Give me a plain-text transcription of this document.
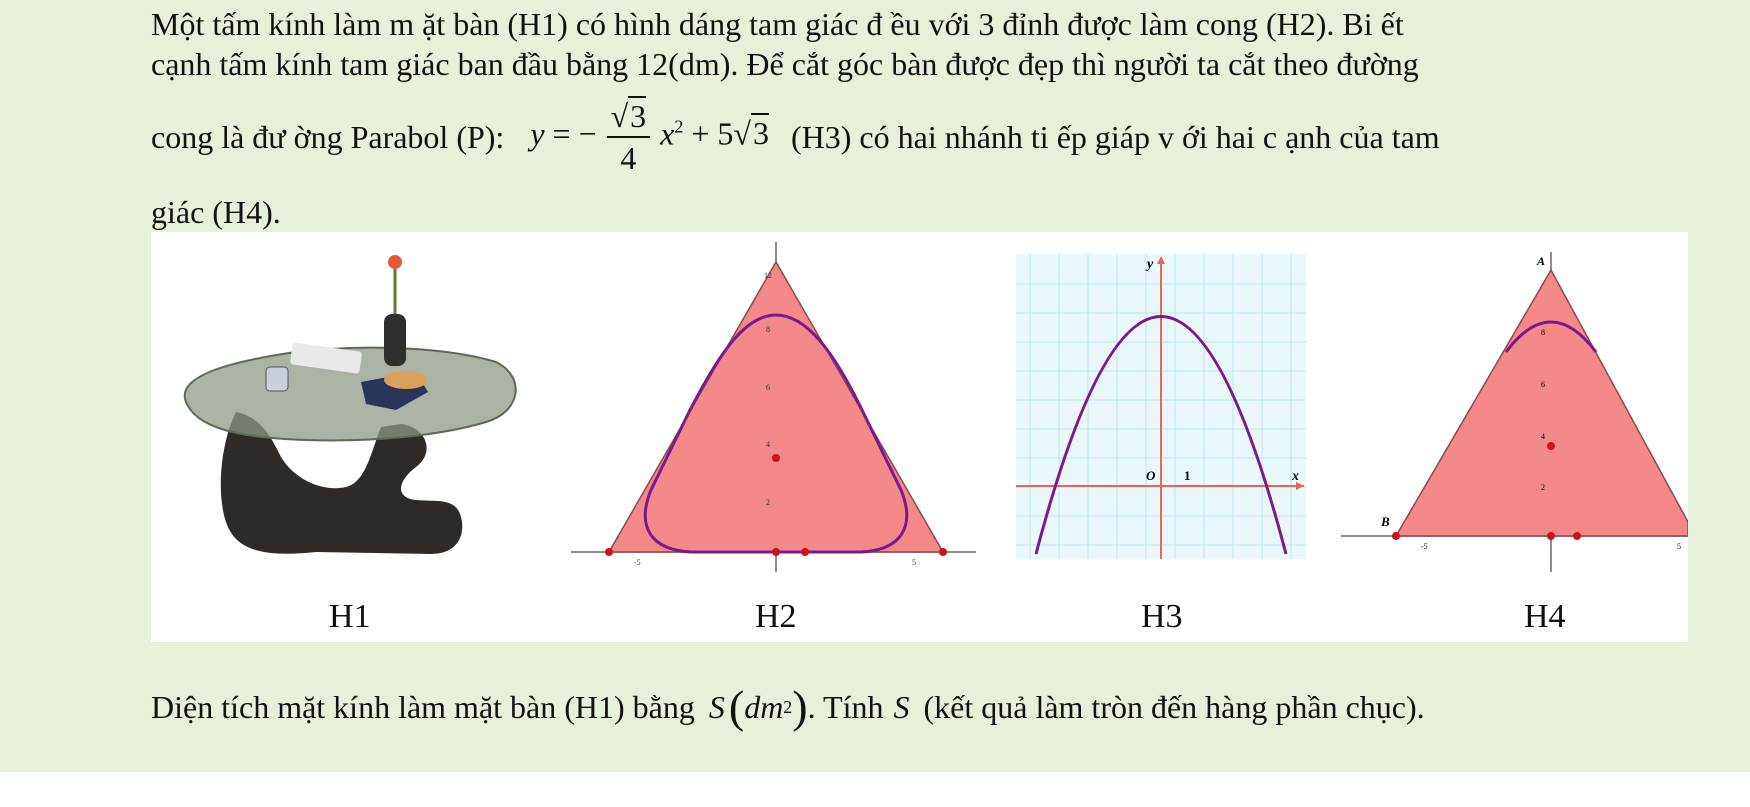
Một tấm kính làm m ặt bàn (H1) có hình dáng tam giác đ ều với 3 đỉnh được làm cong (H2). Bi ết
cạnh tấm kính tam giác ban đầu bằng 12(dm). Để cắt góc bàn được đẹp thì người ta cắt theo đường
cong là đư ờng Parabol (P): y = − $\frac{√3}{4} x^2 + 5√3$ (H3) có hai nhánh ti ếp giáp v ới hai c ạnh của tam
giác (H4).
-5	5
2
4
6
8
12
y
x
O 1
A
B
-5	5
2
4
6
8
H1	H2	H3	H4
Diện tích mặt kính làm mặt bàn (H1) bằng S ( dm 2 ) . Tính S (kết quả làm tròn đến hàng phần chục).
